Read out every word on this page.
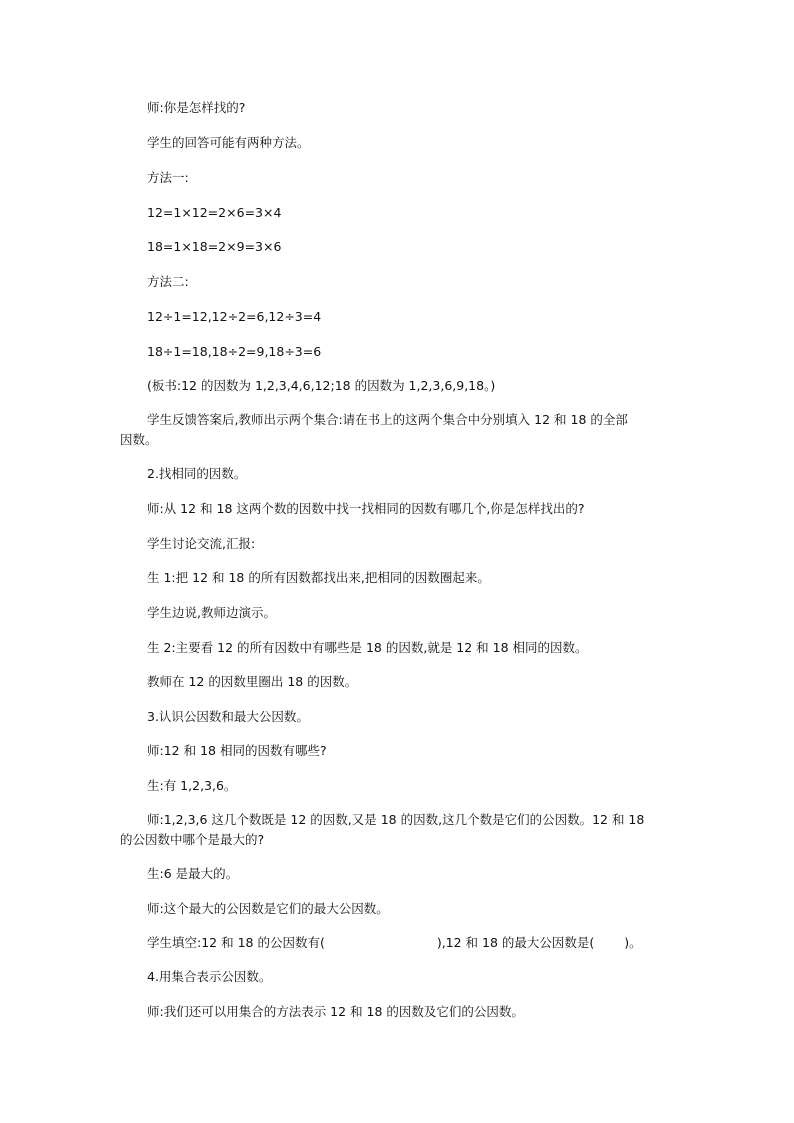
师:你是怎样找的?
学生的回答可能有两种方法。
方法一:
12=1×12=2×6=3×4
18=1×18=2×9=3×6
方法二:
12÷1=12,12÷2=6,12÷3=4
18÷1=18,18÷2=9,18÷3=6
(板书:12 的因数为 1,2,3,4,6,12;18 的因数为 1,2,3,6,9,18。)
学生反馈答案后,教师出示两个集合:请在书上的这两个集合中分别填入 12 和 18 的全部
因数。
2.找相同的因数。
师:从 12 和 18 这两个数的因数中找一找相同的因数有哪几个,你是怎样找出的?
学生讨论交流,汇报:
生 1:把 12 和 18 的所有因数都找出来,把相同的因数圈起来。
学生边说,教师边演示。
生 2:主要看 12 的所有因数中有哪些是 18 的因数,就是 12 和 18 相同的因数。
教师在 12 的因数里圈出 18 的因数。
3.认识公因数和最大公因数。
师:12 和 18 相同的因数有哪些?
生:有 1,2,3,6。
师:1,2,3,6 这几个数既是 12 的因数,又是 18 的因数,这几个数是它们的公因数。12 和 18
的公因数中哪个是最大的?
生:6 是最大的。
师:这个最大的公因数是它们的最大公因数。
学生填空:12 和 18 的公因数有(	),12 和 18 的最大公因数是( )。
4.用集合表示公因数。
师:我们还可以用集合的方法表示 12 和 18 的因数及它们的公因数。
